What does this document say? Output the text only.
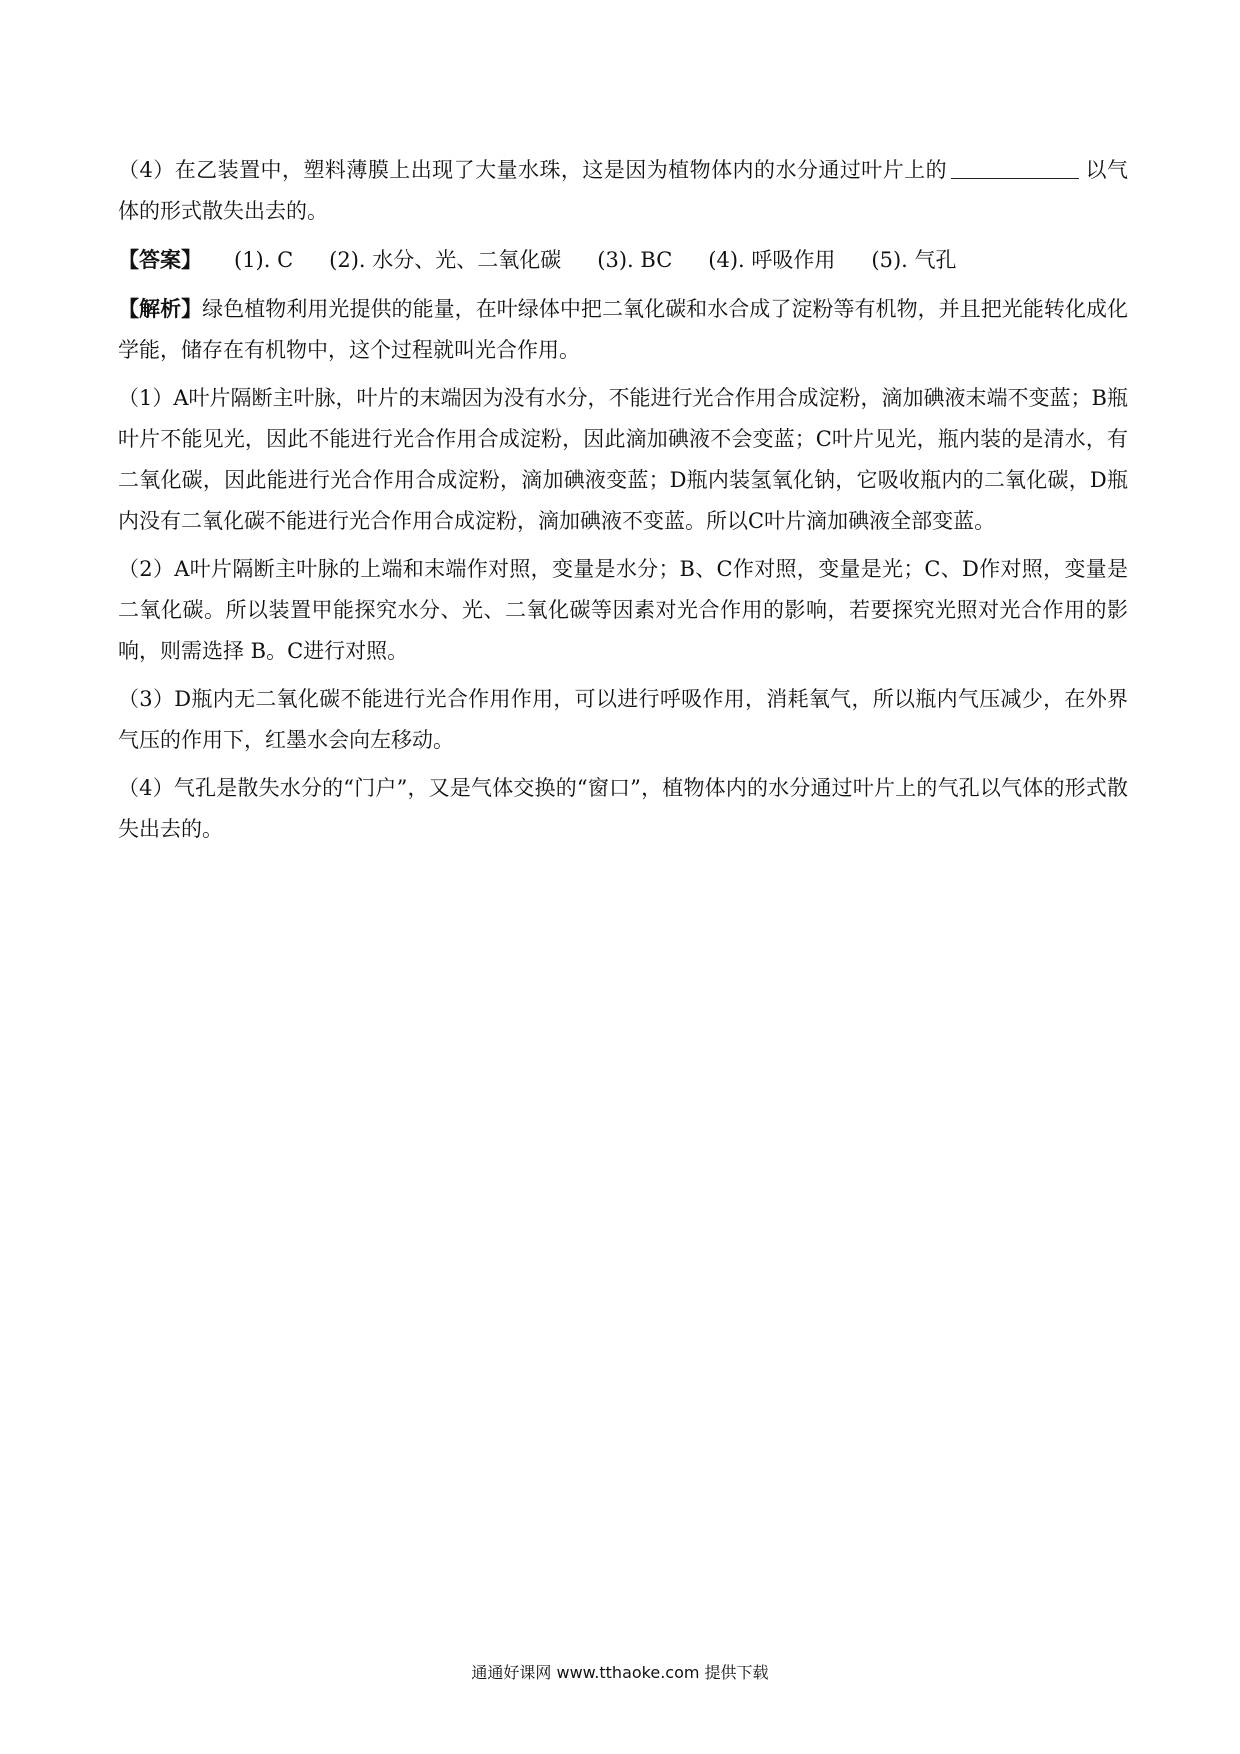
（4）在乙装置中，塑料薄膜上出现了大量水珠，这是因为植物体内的水分通过叶片上的	以气体的形式散失出去的。

【答案】	(1). C (2). 水分、光、二氧化碳 (3). BC (4). 呼吸作用 (5). 气孔

【解析】绿色植物利用光提供的能量，在叶绿体中把二氧化碳和水合成了淀粉等有机物，并且把光能转化成化学能，储存在有机物中，这个过程就叫光合作用。

（1）A叶片隔断主叶脉，叶片的末端因为没有水分，不能进行光合作用合成淀粉，滴加碘液末端不变蓝；B瓶叶片不能见光，因此不能进行光合作用合成淀粉，因此滴加碘液不会变蓝；C叶片见光，瓶内装的是清水，有二氧化碳，因此能进行光合作用合成淀粉，滴加碘液变蓝；D瓶内装氢氧化钠，它吸收瓶内的二氧化碳，D瓶内没有二氧化碳不能进行光合作用合成淀粉，滴加碘液不变蓝。所以C叶片滴加碘液全部变蓝。

（2）A叶片隔断主叶脉的上端和末端作对照，变量是水分；B、C作对照，变量是光；C、D作对照，变量是二氧化碳。所以装置甲能探究水分、光、二氧化碳等因素对光合作用的影响，若要探究光照对光合作用的影响，则需选择 B。C进行对照。

（3）D瓶内无二氧化碳不能进行光合作用作用，可以进行呼吸作用，消耗氧气，所以瓶内气压减少，在外界气压的作用下，红墨水会向左移动。

（4）气孔是散失水分的“门户”，又是气体交换的“窗口”，植物体内的水分通过叶片上的气孔以气体的形式散失出去的。

通通好课网 www.tthaoke.com 提供下载
